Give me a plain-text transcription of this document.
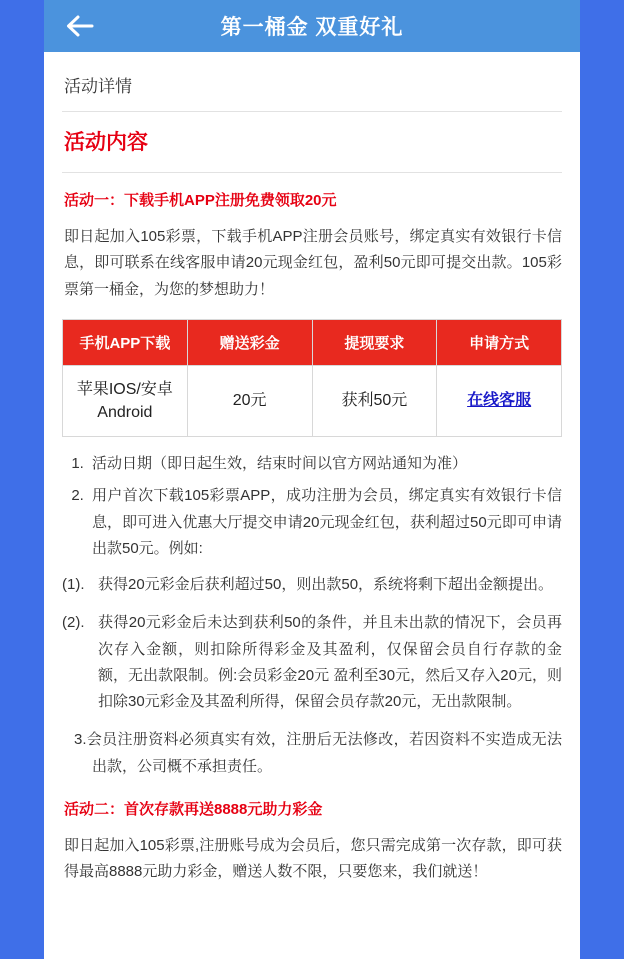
第一桶金 双重好礼
活动详情
活动内容
活动一：下载手机APP注册免费领取20元

即日起加入105彩票，下载手机APP注册会员账号，绑定真实有效银行卡信息，即可联系在线客服申请20元现金红包，盈利50元即可提交出款。105彩票第一桶金，为您的梦想助力！

手机APP下载	赠送彩金	提现要求	申请方式
苹果IOS/安卓Android	20元	获利50元	在线客服
1. 活动日期（即日起生效，结束时间以官方网站通知为准）
2. 用户首次下载105彩票APP，成功注册为会员，绑定真实有效银行卡信息，即可进入优惠大厅提交申请20元现金红包，获利超过50元即可申请出款50元。例如:
(1). 获得20元彩金后获利超过50，则出款50，系统将剩下超出金额提出。
(2). 获得20元彩金后未达到获利50的条件，并且未出款的情况下，会员再次存入金额，则扣除所得彩金及其盈利，仅保留会员自行存款的金额，无出款限制。例:会员彩金20元 盈利至30元，然后又存入20元，则扣除30元彩金及其盈利所得，保留会员存款20元，无出款限制。
3.会员注册资料必须真实有效，注册后无法修改，若因资料不实造成无法出款，公司概不承担责任。
活动二：首次存款再送8888元助力彩金
即日起加入105彩票,注册账号成为会员后，您只需完成第一次存款，即可获得最高8888元助力彩金，赠送人数不限，只要您来，我们就送！
